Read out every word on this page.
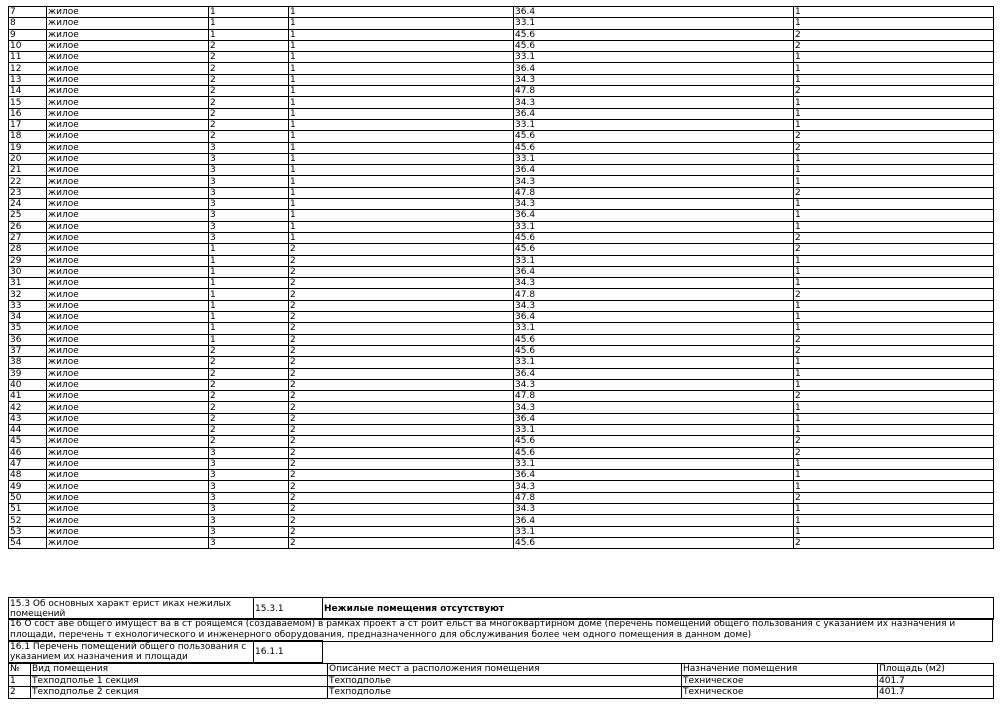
7	жилое	1	1	36.4	1
8	жилое	1	1	33.1	1
9	жилое	1	1	45.6	2
10	жилое	2	1	45.6	2
11	жилое	2	1	33.1	1
12	жилое	2	1	36.4	1
13	жилое	2	1	34.3	1
14	жилое	2	1	47.8	2
15	жилое	2	1	34.3	1
16	жилое	2	1	36.4	1
17	жилое	2	1	33.1	1
18	жилое	2	1	45.6	2
19	жилое	3	1	45.6	2
20	жилое	3	1	33.1	1
21	жилое	3	1	36.4	1
22	жилое	3	1	34.3	1
23	жилое	3	1	47.8	2
24	жилое	3	1	34.3	1
25	жилое	3	1	36.4	1
26	жилое	3	1	33.1	1
27	жилое	3	1	45.6	2
28	жилое	1	2	45.6	2
29	жилое	1	2	33.1	1
30	жилое	1	2	36.4	1
31	жилое	1	2	34.3	1
32	жилое	1	2	47.8	2
33	жилое	1	2	34.3	1
34	жилое	1	2	36.4	1
35	жилое	1	2	33.1	1
36	жилое	1	2	45.6	2
37	жилое	2	2	45.6	2
38	жилое	2	2	33.1	1
39	жилое	2	2	36.4	1
40	жилое	2	2	34.3	1
41	жилое	2	2	47.8	2
42	жилое	2	2	34.3	1
43	жилое	2	2	36.4	1
44	жилое	2	2	33.1	1
45	жилое	2	2	45.6	2
46	жилое	3	2	45.6	2
47	жилое	3	2	33.1	1
48	жилое	3	2	36.4	1
49	жилое	3	2	34.3	1
50	жилое	3	2	47.8	2
51	жилое	3	2	34.3	1
52	жилое	3	2	36.4	1
53	жилое	3	2	33.1	1
54	жилое	3	2	45.6	2
15.3 Об основных характ ерист иках нежилых помещений	15.3.1	Нежилые помещения отсутствуют
16 О сост аве общего имущест ва в ст роящемся (создаваемом) в рамках проект а ст роит ельст ва многоквартирном доме (перечень помещений общего пользования с указанием их назначения и площади, перечень т ехнологического и инженерного оборудования, предназначенного для обслуживания более чем одного помещения в данном доме)
16.1 Перечень помещений общего пользования с указанием их назначения и площади	16.1.1	
№	Вид помещения	Описание мест а расположения помещения	Назначение помещения	Площадь (м2)
1	Техподполье 1 секция	Техподполье	Техническое	401.7
2	Техподполье 2 секция	Техподполье	Техническое	401.7
